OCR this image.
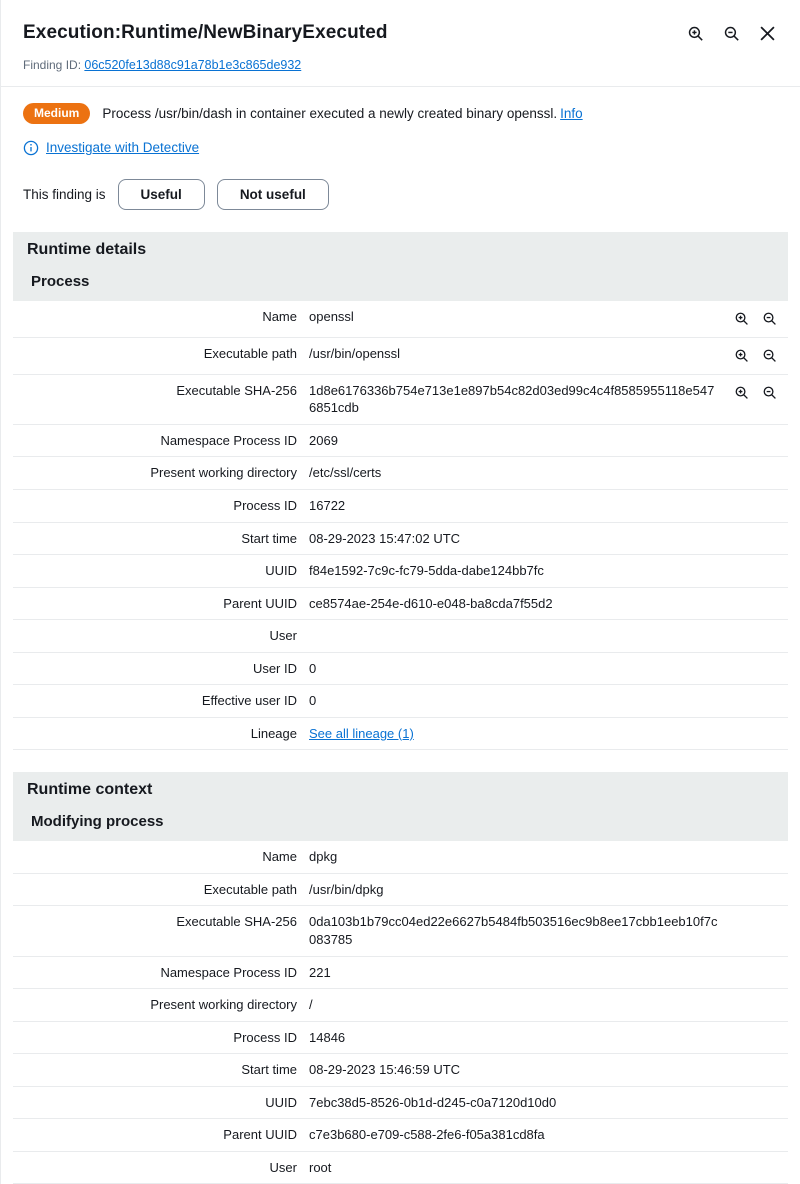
Execution:Runtime/NewBinaryExecuted
Finding ID: 06c520fe13d88c91a78b1e3c865de932
Medium	Process /usr/bin/dash in container executed a newly created binary openssl. Info
Investigate with Detective
This finding is	Useful	Not useful
Runtime details
Process
Name	openssl	

Executable path	/usr/bin/openssl	

Executable SHA-256	1d8e6176336b754e713e1e897b54c82d03ed99c4c4f8585955118e5476851cdb	

Namespace Process ID	2069	
Present working directory	/etc/ssl/certs	
Process ID	16722	
Start time	08-29-2023 15:47:02 UTC	
UUID	f84e1592-7c9c-fc79-5dda-dabe124bb7fc	
Parent UUID	ce8574ae-254e-d610-e048-ba8cda7f55d2	
User	

User ID	0	
Effective user ID	0	
Lineage	See all lineage (1)	
Runtime context
Modifying process
Name	dpkg	
Executable path	/usr/bin/dpkg	
Executable SHA-256	0da103b1b79cc04ed22e6627b5484fb503516ec9b8ee17cbb1eeb10f7c083785	
Namespace Process ID	221	
Present working directory	/	
Process ID	14846	
Start time	08-29-2023 15:46:59 UTC	
UUID	7ebc38d5-8526-0b1d-d245-c0a7120d10d0	
Parent UUID	c7e3b680-e709-c588-2fe6-f05a381cd8fa	
User	root	
